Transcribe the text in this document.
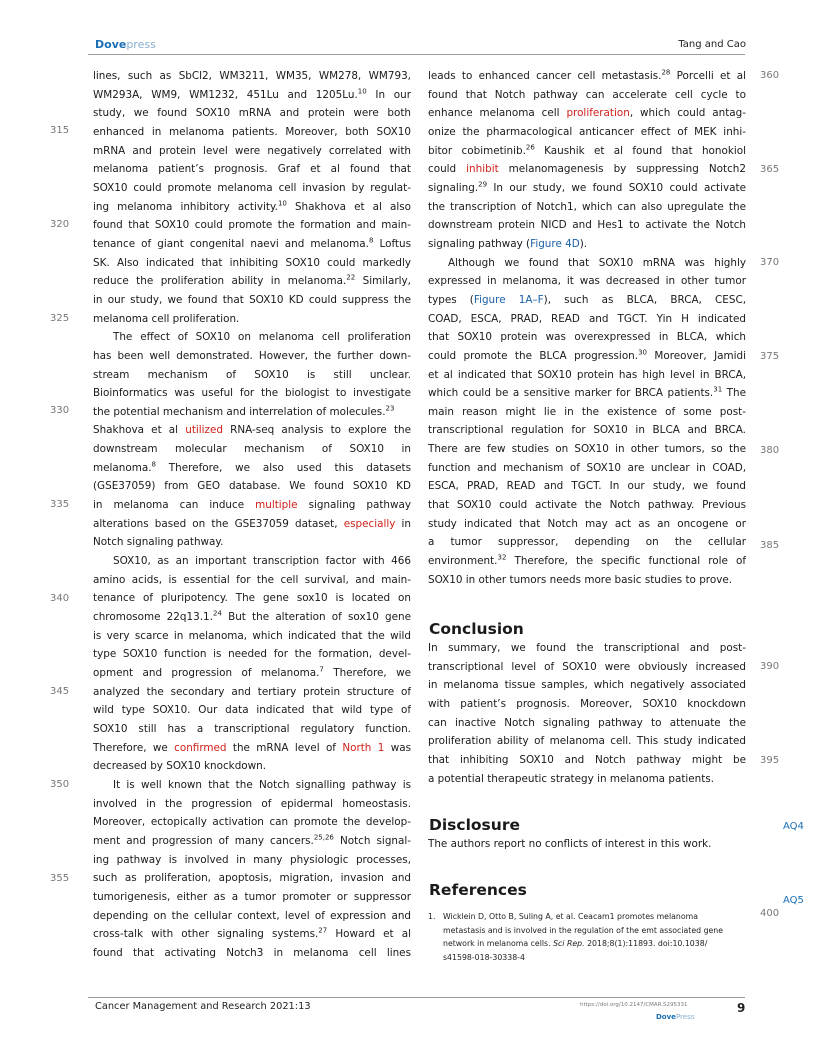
Dovepress	Tang and Cao
lines, such as SbCl2, WM3211, WM35, WM278, WM793,
WM293A, WM9, WM1232, 451Lu and 1205Lu.$^{10}$ In our
study, we found SOX10 mRNA and protein were both
enhanced in melanoma patients. Moreover, both SOX10
mRNA and protein level were negatively correlated with
melanoma patient’s prognosis. Graf et al found that
SOX10 could promote melanoma cell invasion by regulat-
ing melanoma inhibitory activity.$^{10}$ Shakhova et al also
found that SOX10 could promote the formation and main-
tenance of giant congenital naevi and melanoma.$^8$ Loftus
SK. Also indicated that inhibiting SOX10 could markedly
reduce the proliferation ability in melanoma.$^{22}$ Similarly,
in our study, we found that SOX10 KD could suppress the
melanoma cell proliferation.
The effect of SOX10 on melanoma cell proliferation
has been well demonstrated. However, the further down-
stream mechanism of SOX10 is still unclear.
Bioinformatics was useful for the biologist to investigate
the potential mechanism and interrelation of molecules.$^{23}$
Shakhova et al utilized RNA-seq analysis to explore the
downstream molecular mechanism of SOX10 in
melanoma.$^8$ Therefore, we also used this datasets
(GSE37059) from GEO database. We found SOX10 KD
in melanoma can induce multiple signaling pathway
alterations based on the GSE37059 dataset, especially in
Notch signaling pathway.
SOX10, as an important transcription factor with 466
amino acids, is essential for the cell survival, and main-
tenance of pluripotency. The gene sox10 is located on
chromosome 22q13.1.24 But the alteration of sox10 gene
is very scarce in melanoma, which indicated that the wild
type SOX10 function is needed for the formation, devel-
opment and progression of melanoma.$^7$ Therefore, we
analyzed the secondary and tertiary protein structure of
wild type SOX10. Our data indicated that wild type of
SOX10 still has a transcriptional regulatory function.
Therefore, we confirmed the mRNA level of North 1 was
decreased by SOX10 knockdown.
It is well known that the Notch signalling pathway is
involved in the progression of epidermal homeostasis.
Moreover, ectopically activation can promote the develop-
ment and progression of many cancers.$^{25,26}$ Notch signal-
ing pathway is involved in many physiologic processes,
such as proliferation, apoptosis, migration, invasion and
tumorigenesis, either as a tumor promoter or suppressor
depending on the cellular context, level of expression and
cross-talk with other signaling systems.$^{27}$ Howard et al
found that activating Notch3 in melanoma cell lines
leads to enhanced cancer cell metastasis.$^{28}$ Porcelli et al
found that Notch pathway can accelerate cell cycle to
enhance melanoma cell proliferation, which could antag-
onize the pharmacological anticancer effect of MEK inhi-
bitor cobimetinib.$^{26}$ Kaushik et al found that honokiol
could inhibit melanomagenesis by suppressing Notch2
signaling.$^{29}$ In our study, we found SOX10 could activate
the transcription of Notch1, which can also upregulate the
downstream protein NICD and Hes1 to activate the Notch
signaling pathway (Figure 4D).
Although we found that SOX10 mRNA was highly
expressed in melanoma, it was decreased in other tumor
types (Figure 1A–F), such as BLCA, BRCA, CESC,
COAD, ESCA, PRAD, READ and TGCT. Yin H indicated
that SOX10 protein was overexpressed in BLCA, which
could promote the BLCA progression.$^{30}$ Moreover, Jamidi
et al indicated that SOX10 protein has high level in BRCA,
which could be a sensitive marker for BRCA patients.$^{31}$ The
main reason might lie in the existence of some post-
transcriptional regulation for SOX10 in BLCA and BRCA.
There are few studies on SOX10 in other tumors, so the
function and mechanism of SOX10 are unclear in COAD,
ESCA, PRAD, READ and TGCT. In our study, we found
that SOX10 could activate the Notch pathway. Previous
study indicated that Notch may act as an oncogene or
a tumor suppressor, depending on the cellular
environment.$^{32}$ Therefore, the specific functional role of
SOX10 in other tumors needs more basic studies to prove.
Conclusion
In summary, we found the transcriptional and post-
transcriptional level of SOX10 were obviously increased
in melanoma tissue samples, which negatively associated
with patient’s prognosis. Moreover, SOX10 knockdown
can inactive Notch signaling pathway to attenuate the
proliferation ability of melanoma cell. This study indicated
that inhibiting SOX10 and Notch pathway might be
a potential therapeutic strategy in melanoma patients.
Disclosure	AQ4
The authors report no conflicts of interest in this work.
References
AQ5
1. Wicklein D, Otto B, Suling A, et al. Ceacam1 promotes melanoma
metastasis and is involved in the regulation of the emt associated gene
network in melanoma cells. Sci Rep. 2018;8(1):11893. doi:10.1038/
s41598-018-30338-4
315
320
325
330
335
340
345
350
355
360
365
370
375
380
385
390
395
400
Cancer Management and Research 2021:13	https://doi.org/10.2147/CMAR.S295331
DovePress
9
